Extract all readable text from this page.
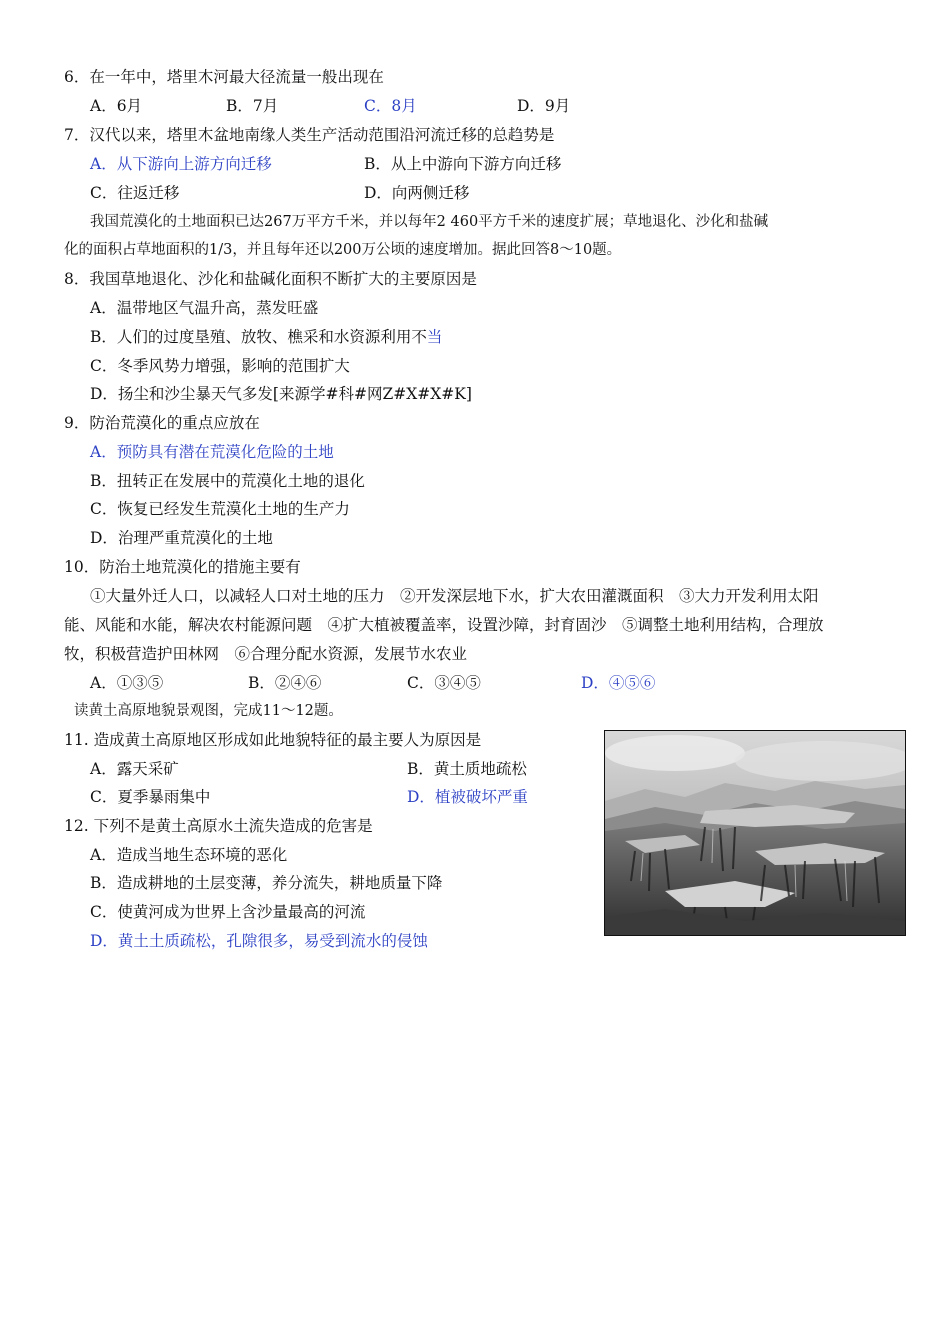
6．在一年中，塔里木河最大径流量一般出现在
A．6月	B．7月	C．8月	D．9月
7．汉代以来，塔里木盆地南缘人类生产活动范围沿河流迁移的总趋势是
A．从下游向上游方向迁移	B．从上中游向下游方向迁移
C．往返迁移	D．向两侧迁移
我国荒漠化的土地面积已达267万平方千米，并以每年2 460平方千米的速度扩展；草地退化、沙化和盐碱
化的面积占草地面积的1/3，并且每年还以200万公顷的速度增加。据此回答8～10题。
8．我国草地退化、沙化和盐碱化面积不断扩大的主要原因是
A．温带地区气温升高，蒸发旺盛
B．人们的过度垦殖、放牧、樵采和水资源利用不当
C．冬季风势力增强，影响的范围扩大
D．扬尘和沙尘暴天气多发[来源学#科#网Z#X#X#K]
9．防治荒漠化的重点应放在
A．预防具有潜在荒漠化危险的土地
B．扭转正在发展中的荒漠化土地的退化
C．恢复已经发生荒漠化土地的生产力
D．治理严重荒漠化的土地
10．防治土地荒漠化的措施主要有
①大量外迁人口，以减轻人口对土地的压力　②开发深层地下水，扩大农田灌溉面积　③大力开发利用太阳
能、风能和水能，解决农村能源问题　④扩大植被覆盖率，设置沙障，封育固沙　⑤调整土地利用结构，合理放
牧，积极营造护田林网　⑥合理分配水资源，发展节水农业
A．①③⑤	B．②④⑥	C．③④⑤	D．④⑤⑥
读黄土高原地貌景观图，完成11～12题。
11. 造成黄土高原地区形成如此地貌特征的最主要人为原因是
A．露天采矿	B．黄土质地疏松
C．夏季暴雨集中	D．植被破坏严重
12. 下列不是黄土高原水土流失造成的危害是
A．造成当地生态环境的恶化
B．造成耕地的土层变薄，养分流失，耕地质量下降
C．使黄河成为世界上含沙量最高的河流
D．黄土土质疏松，孔隙很多，易受到流水的侵蚀
